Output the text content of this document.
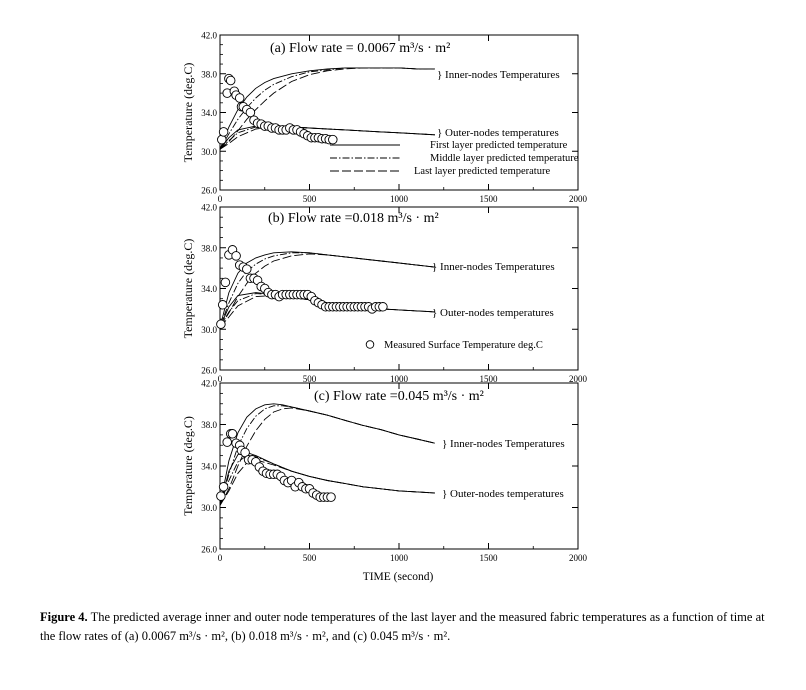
26.0
30.0
34.0
38.0
42.0
0	500	1000	1500	2000
Temperature (deg.C)
(a) Flow rate = 0.0067 m³/s · m²
} Inner-nodes Temperatures
} Outer-nodes temperatures
First layer predicted temperature
Middle layer predicted temperature
Last layer predicted temperature
26.0
30.0
34.0
38.0
42.0
0	500	1000	1500	2000
Temperature (deg.C)
(b) Flow rate =0.018 m³/s · m²
} Inner-nodes Temperatures
} Outer-nodes temperatures
Measured Surface Temperature deg.C
26.0
30.0
34.0
38.0
42.0
0	500	1000	1500	2000
Temperature (deg.C)
(c) Flow rate =0.045 m³/s · m²
} Inner-nodes Temperatures
} Outer-nodes temperatures
TIME (second)
Figure 4. The predicted average inner and outer node temperatures of the last layer and the measured fabric temperatures as a function of time at the flow rates of (a) 0.0067 m³/s · m², (b) 0.018 m³/s · m², and (c) 0.045 m³/s · m².
